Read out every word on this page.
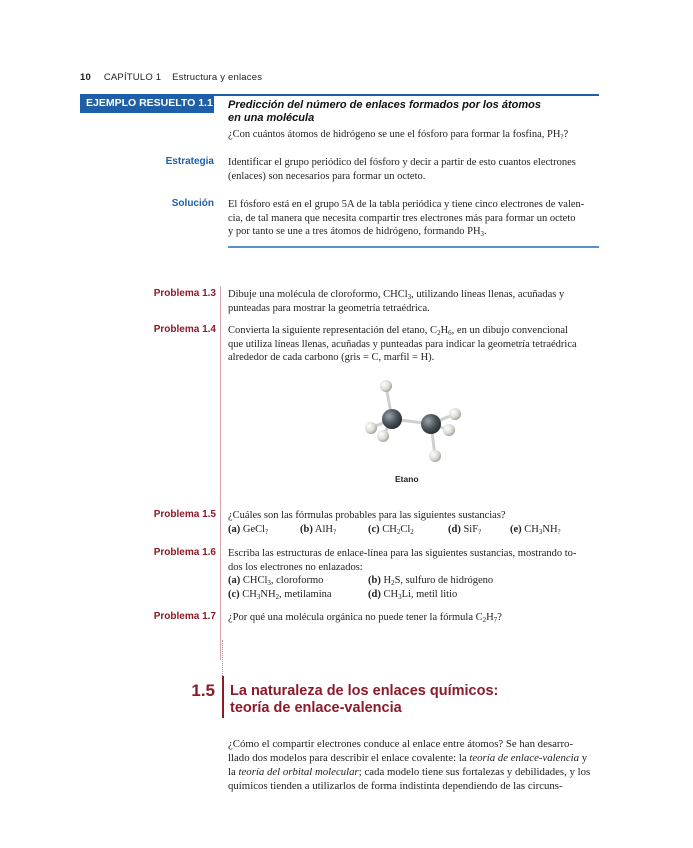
10 CAPÍTULO 1 Estructura y enlaces
EJEMPLO RESUELTO 1.1 Predicción del número de enlaces formados por los átomos
en una molécula
¿Con cuántos átomos de hidrógeno se une el fósforo para formar la fosfina, $PH_?$?
Estrategia Identificar el grupo periódico del fósforo y decir a partir de esto cuantos electrones
(enlaces) son necesarios para formar un octeto.
Solución El fósforo está en el grupo 5A de la tabla periódica y tiene cinco electrones de valen-
cia, de tal manera que necesita compartir tres electrones más para formar un octeto
y por tanto se une a tres átomos de hidrógeno, formando $PH_3$.
Problema 1.3 Dibuje una molécula de cloroformo, CHCl$_3$, utilizando líneas llenas, acuñadas y
punteadas para mostrar la geometría tetraédrica.
Problema 1.4 Convierta la siguiente representación del etano, $C_2H_6$, en un dibujo convencional
que utiliza líneas llenas, acuñadas y punteadas para indicar la geometría tetraédrica
alrededor de cada carbono (gris = C, marfil = H).
Etano
Problema 1.5 ¿Cuáles son las fórmulas probables para las siguientes sustancias?
(a) GeCl$_?$	(b) AlH$_?$	(c) $CH_2Cl_2$	(d) SiF$_?$	(e) $CH_3NH_?$
Problema 1.6 Escriba las estructuras de enlace-línea para las siguientes sustancias, mostrando to-
dos los electrones no enlazados:
(a) CHCl$_3$, cloroformo	(b) $H_2S$, sulfuro de hidrógeno
(c) $CH_3NH_2$, metilamina	(d) $CH_3Li$, metil litio
Problema 1.7 ¿Por qué una molécula orgánica no puede tener la fórmula $C_2H_7$?
1.5 La naturaleza de los enlaces químicos:
teoría de enlace-valencia
¿Cómo el compartir electrones conduce al enlace entre átomos? Se han desarro-
llado dos modelos para describir el enlace covalente: la teoría de enlace-valencia y
la teoría del orbital molecular; cada modelo tiene sus fortalezas y debilidades, y los
químicos tienden a utilizarlos de forma indistinta dependiendo de las circuns-
